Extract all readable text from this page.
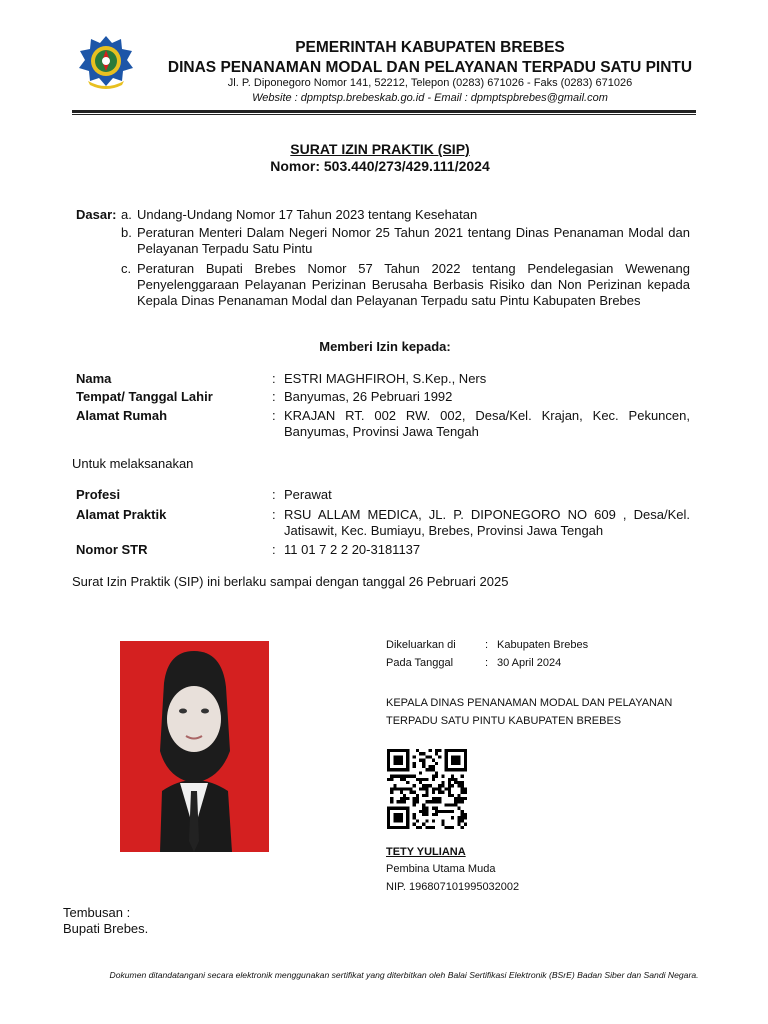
PEMERINTAH KABUPATEN BREBES
DINAS PENANAMAN MODAL DAN PELAYANAN TERPADU SATU PINTU
Jl. P. Diponegoro Nomor 141, 52212, Telepon (0283) 671026 - Faks (0283) 671026
Website : dpmptsp.brebeskab.go.id - Email : dpmptspbrebes@gmail.com
SURAT IZIN PRAKTIK (SIP)
Nomor: 503.440/273/429.111/2024
Dasar: a. Undang-Undang Nomor 17 Tahun 2023 tentang Kesehatan
b. Peraturan Menteri Dalam Negeri Nomor 25 Tahun 2021 tentang Dinas Penanaman Modal dan Pelayanan Terpadu Satu Pintu
c. Peraturan Bupati Brebes Nomor 57 Tahun 2022 tentang Pendelegasian Wewenang Penyelenggaraan Pelayanan Perizinan Berusaha Berbasis Risiko dan Non Perizinan kepada Kepala Dinas Penanaman Modal dan Pelayanan Terpadu satu Pintu Kabupaten Brebes
Memberi Izin kepada:
Nama	: ESTRI MAGHFIROH, S.Kep., Ners
Tempat/ Tanggal Lahir	: Banyumas, 26 Pebruari 1992
Alamat Rumah	: KRAJAN RT. 002 RW. 002, Desa/Kel. Krajan, Kec. Pekuncen, Banyumas, Provinsi Jawa Tengah
Untuk melaksanakan
Profesi	: Perawat
Alamat Praktik	: RSU ALLAM MEDICA, JL. P. DIPONEGORO NO 609 , Desa/Kel. Jatisawit, Kec. Bumiayu, Brebes, Provinsi Jawa Tengah
Nomor STR	: 11 01 7 2 2 20-3181137
Surat Izin Praktik (SIP) ini berlaku sampai dengan tanggal 26 Pebruari 2025
Dikeluarkan di	: Kabupaten Brebes
Pada Tanggal	: 30 April 2024
KEPALA DINAS PENANAMAN MODAL DAN PELAYANAN
TERPADU SATU PINTU KABUPATEN BREBES
TETY YULIANA
Pembina Utama Muda
NIP. 196807101995032002
Tembusan :
Bupati Brebes.
Dokumen ditandatangani secara elektronik menggunakan sertifikat yang diterbitkan oleh Balai Sertifikasi Elektronik (BSrE) Badan Siber dan Sandi Negara.
